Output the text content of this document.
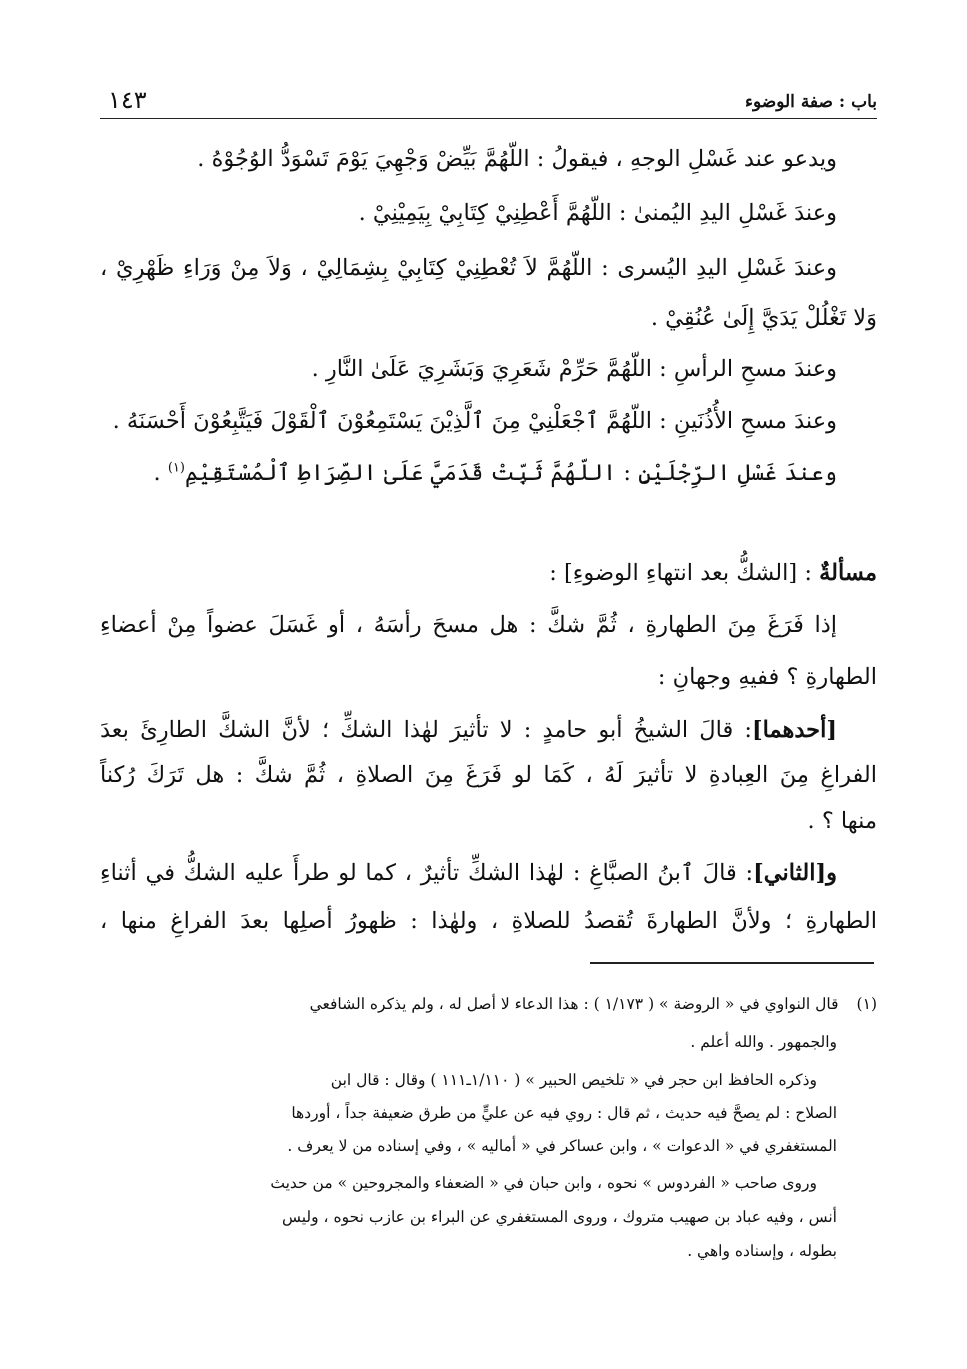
باب : صفة الوضوء
١٤٣
ويدعو عند غَسْلِ الوجهِ ، فيقولُ : اللّهُمَّ بَيِّضْ وَجْهِيَ يَوْمَ تَسْوَدُّ الوُجُوْهُ .
وعندَ غَسْلِ اليدِ اليُمنىٰ : اللّهُمَّ أَعْطِنِيْ كِتَابِيْ بِيَمِيْنِيْ .
وعندَ غَسْلِ اليدِ اليُسرى : اللّهُمَّ لاَ تُعْطِنِيْ كِتَابِيْ بِشِمَالِيْ ، وَلاَ مِنْ وَرَاءِ ظَهْرِيْ ،
وَلا تَغْلُلْ يَدَيَّ إِلَىٰ عُنُقِيْ .
وعندَ مسحِ الرأسِ : اللّهُمَّ حَرِّمْ شَعَرِيَ وَبَشَرِيَ عَلَىٰ النَّارِ .
وعندَ مسحِ الأُذُنَينِ : اللّهُمَّ ٱجْعَلْنِيْ مِنَ ٱلَّذِيْنَ يَسْتَمِعُوْنَ ٱلْقَوْلَ فَيَتَّبِعُوْنَ أَحْسَنَهُ .
وعندَ غَسْلِ الرِّجْلَيْنِ : اللّهُمَّ ثَبِّتْ قَدَمَيَّ عَلَىٰ الصِّرَاطِ ٱلْمُسْتَقِيْمِ$^{(١)}$ .
مسألةٌ : [الشكُّ بعد انتهاءِ الوضوءِ] :
إذا فَرَغَ مِنَ الطهارةِ ، ثُمَّ شكَّ : هل مسحَ رأسَهُ ، أو غَسَلَ عضواً مِنْ أعضاءِ
الطهارةِ ؟ ففيهِ وجهانِ :
[أحدهما]: قالَ الشيخُ أبو حامدٍ : لا تأثيرَ لهٰذا الشكِّ ؛ لأنَّ الشكَّ الطارِئَ بعدَ
الفراغِ مِنَ العِبادةِ لا تأثيرَ لَهُ ، كَمَا لو فَرَغَ مِنَ الصلاةِ ، ثُمَّ شكَّ : هل تَرَكَ رُكناً
منها ؟ .
و[الثاني]: قالَ ٱبنُ الصبَّاغِ : لهٰذا الشكِّ تأثيرٌ ، كما لو طرأَ عليه الشكُّ في أثناءِ
الطهارةِ ؛ ولأنَّ الطهارةَ تُقصدُ للصلاةِ ، ولهٰذا : ظهورُ أصلِها بعدَ الفراغِ منها ،
(١)قال النواوي في « الروضة » ( ١/١٧٣ ) : هذا الدعاء لا أصل له ، ولم يذكره الشافعي
والجمهور . والله أعلم .
وذكره الحافظ ابن حجر في « تلخيص الحبير » ( ١/١١٠ـ١١١ ) وقال : قال ابن
الصلاح : لم يصحَّ فيه حديث ، ثم قال : روي فيه عن عليٍّ من طرق ضعيفة جداً ، أوردها
المستغفري في « الدعوات » ، وابن عساكر في « أماليه » ، وفي إسناده من لا يعرف .
وروى صاحب « الفردوس » نحوه ، وابن حبان في « الضعفاء والمجروحين » من حديث
أنس ، وفيه عباد بن صهيب متروك ، وروى المستغفري عن البراء بن عازب نحوه ، وليس
بطوله ، وإسناده واهي .
